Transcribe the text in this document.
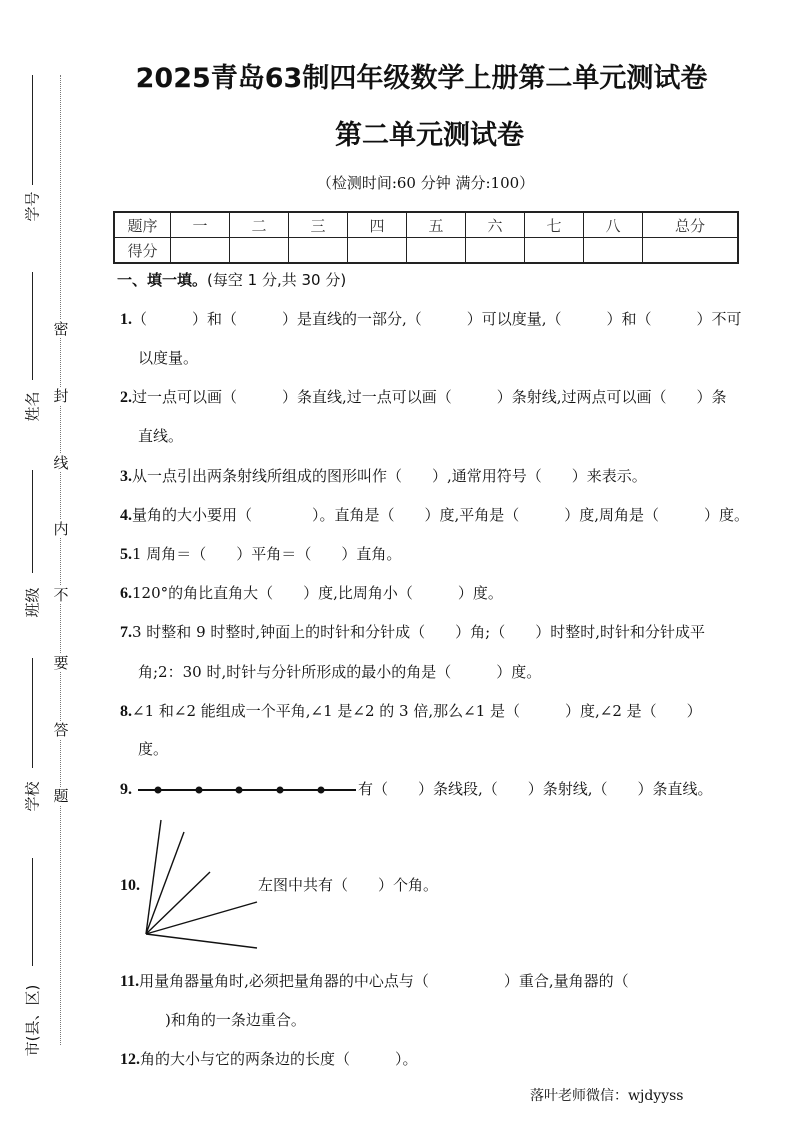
学号
姓名
班级
学校
市(县、区)
密
封
线
内
不
要
答
题
2025青岛63制四年级数学上册第二单元测试卷
第二单元测试卷
（检测时间:60 分钟 满分:100）
题序	一	二	三	四	五	六	七	八	总分
得分									
一、填一填。(每空 1 分,共 30 分)
1.（　　　）和（　　　）是直线的一部分,（　　　）可以度量,（　　　）和（　　　）不可
以度量。
2.过一点可以画（　　　）条直线,过一点可以画（　　　）条射线,过两点可以画（　　）条
直线。
3.从一点引出两条射线所组成的图形叫作（　　）,通常用符号（　　）来表示。
4.量角的大小要用（　　　　）。直角是（　　）度,平角是（　　　）度,周角是（　　　）度。
5.1 周角＝（　　）平角＝（　　）直角。
6.120°的角比直角大（　　）度,比周角小（　　　）度。
7.3 时整和 9 时整时,钟面上的时针和分针成（　　）角;（　　）时整时,时针和分针成平
角;2：30 时,时针与分针所形成的最小的角是（　　　）度。
8.∠1 和∠2 能组成一个平角,∠1 是∠2 的 3 倍,那么∠1 是（　　　）度,∠2 是（　　）
度。
9.	有（　　）条线段,（　　）条射线,（　　）条直线。
10.	左图中共有（　　）个角。
11.用量角器量角时,必须把量角器的中心点与（　　　　　）重合,量角器的（
　)和角的一条边重合。
12.角的大小与它的两条边的长度（　　　）。
落叶老师微信：wjdyyss
